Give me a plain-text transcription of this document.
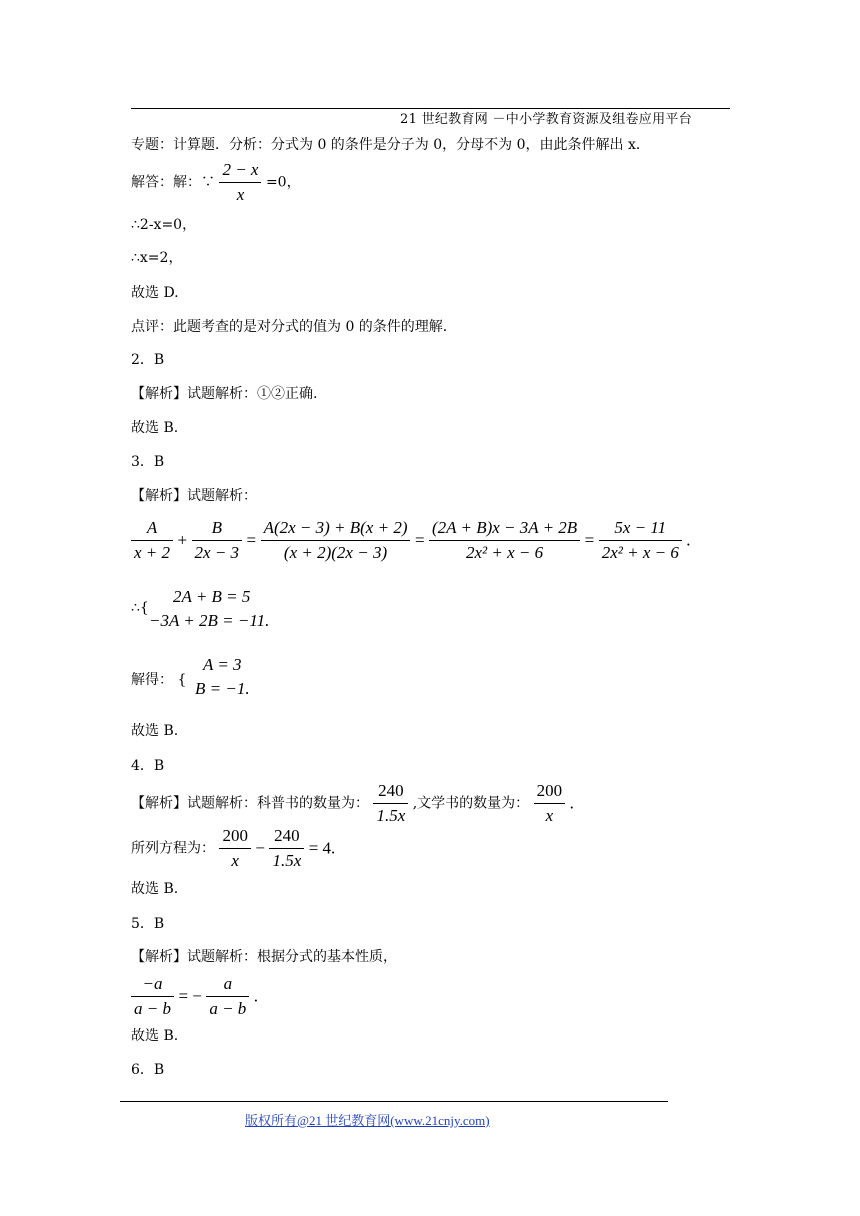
21 世纪教育网 －中小学教育资源及组卷应用平台
专题：计算题．分析：分式为 0 的条件是分子为 0，分母不为 0，由此条件解出 x．
解答：解：∵ $\frac{2 - x}{x} =0$，
∴2-x=0，
∴x=2，
故选 D.
点评：此题考查的是对分式的值为 0 的条件的理解．
2．B
【解析】试题解析：①②正确.
故选 B.
3．B
【解析】试题解析：
$\frac{A}{x + 2} + \frac{B}{2x - 3} = \frac{A(2x - 3) + B(x + 2)}{(x + 2)(2x - 3)} = \frac{(2A + B)x - 3A + 2B}{\text{2x² + x − 6}} = \frac{5x - 11}{\text{2x² + x − 6}}$ .
∴{
2A + B = 5
−3A + 2B = −11.
解得： {
A = 3
B = −1.
故选 B.
4．B
【解析】试题解析：科普书的数量为： $\frac{240}{1.5x}$ ,文学书的数量为： $\frac{200}{x}$ .
所列方程为： $\frac{200}{x} - \frac{240}{1.5x} = 4$.
故选 B.
5．B
【解析】试题解析：根据分式的基本性质，
$\frac{-a}{a - b}$ = − $\frac{a}{a - b}$ .
故选 B.
6．B
版权所有@21 世纪教育网(www.21cnjy.com)
